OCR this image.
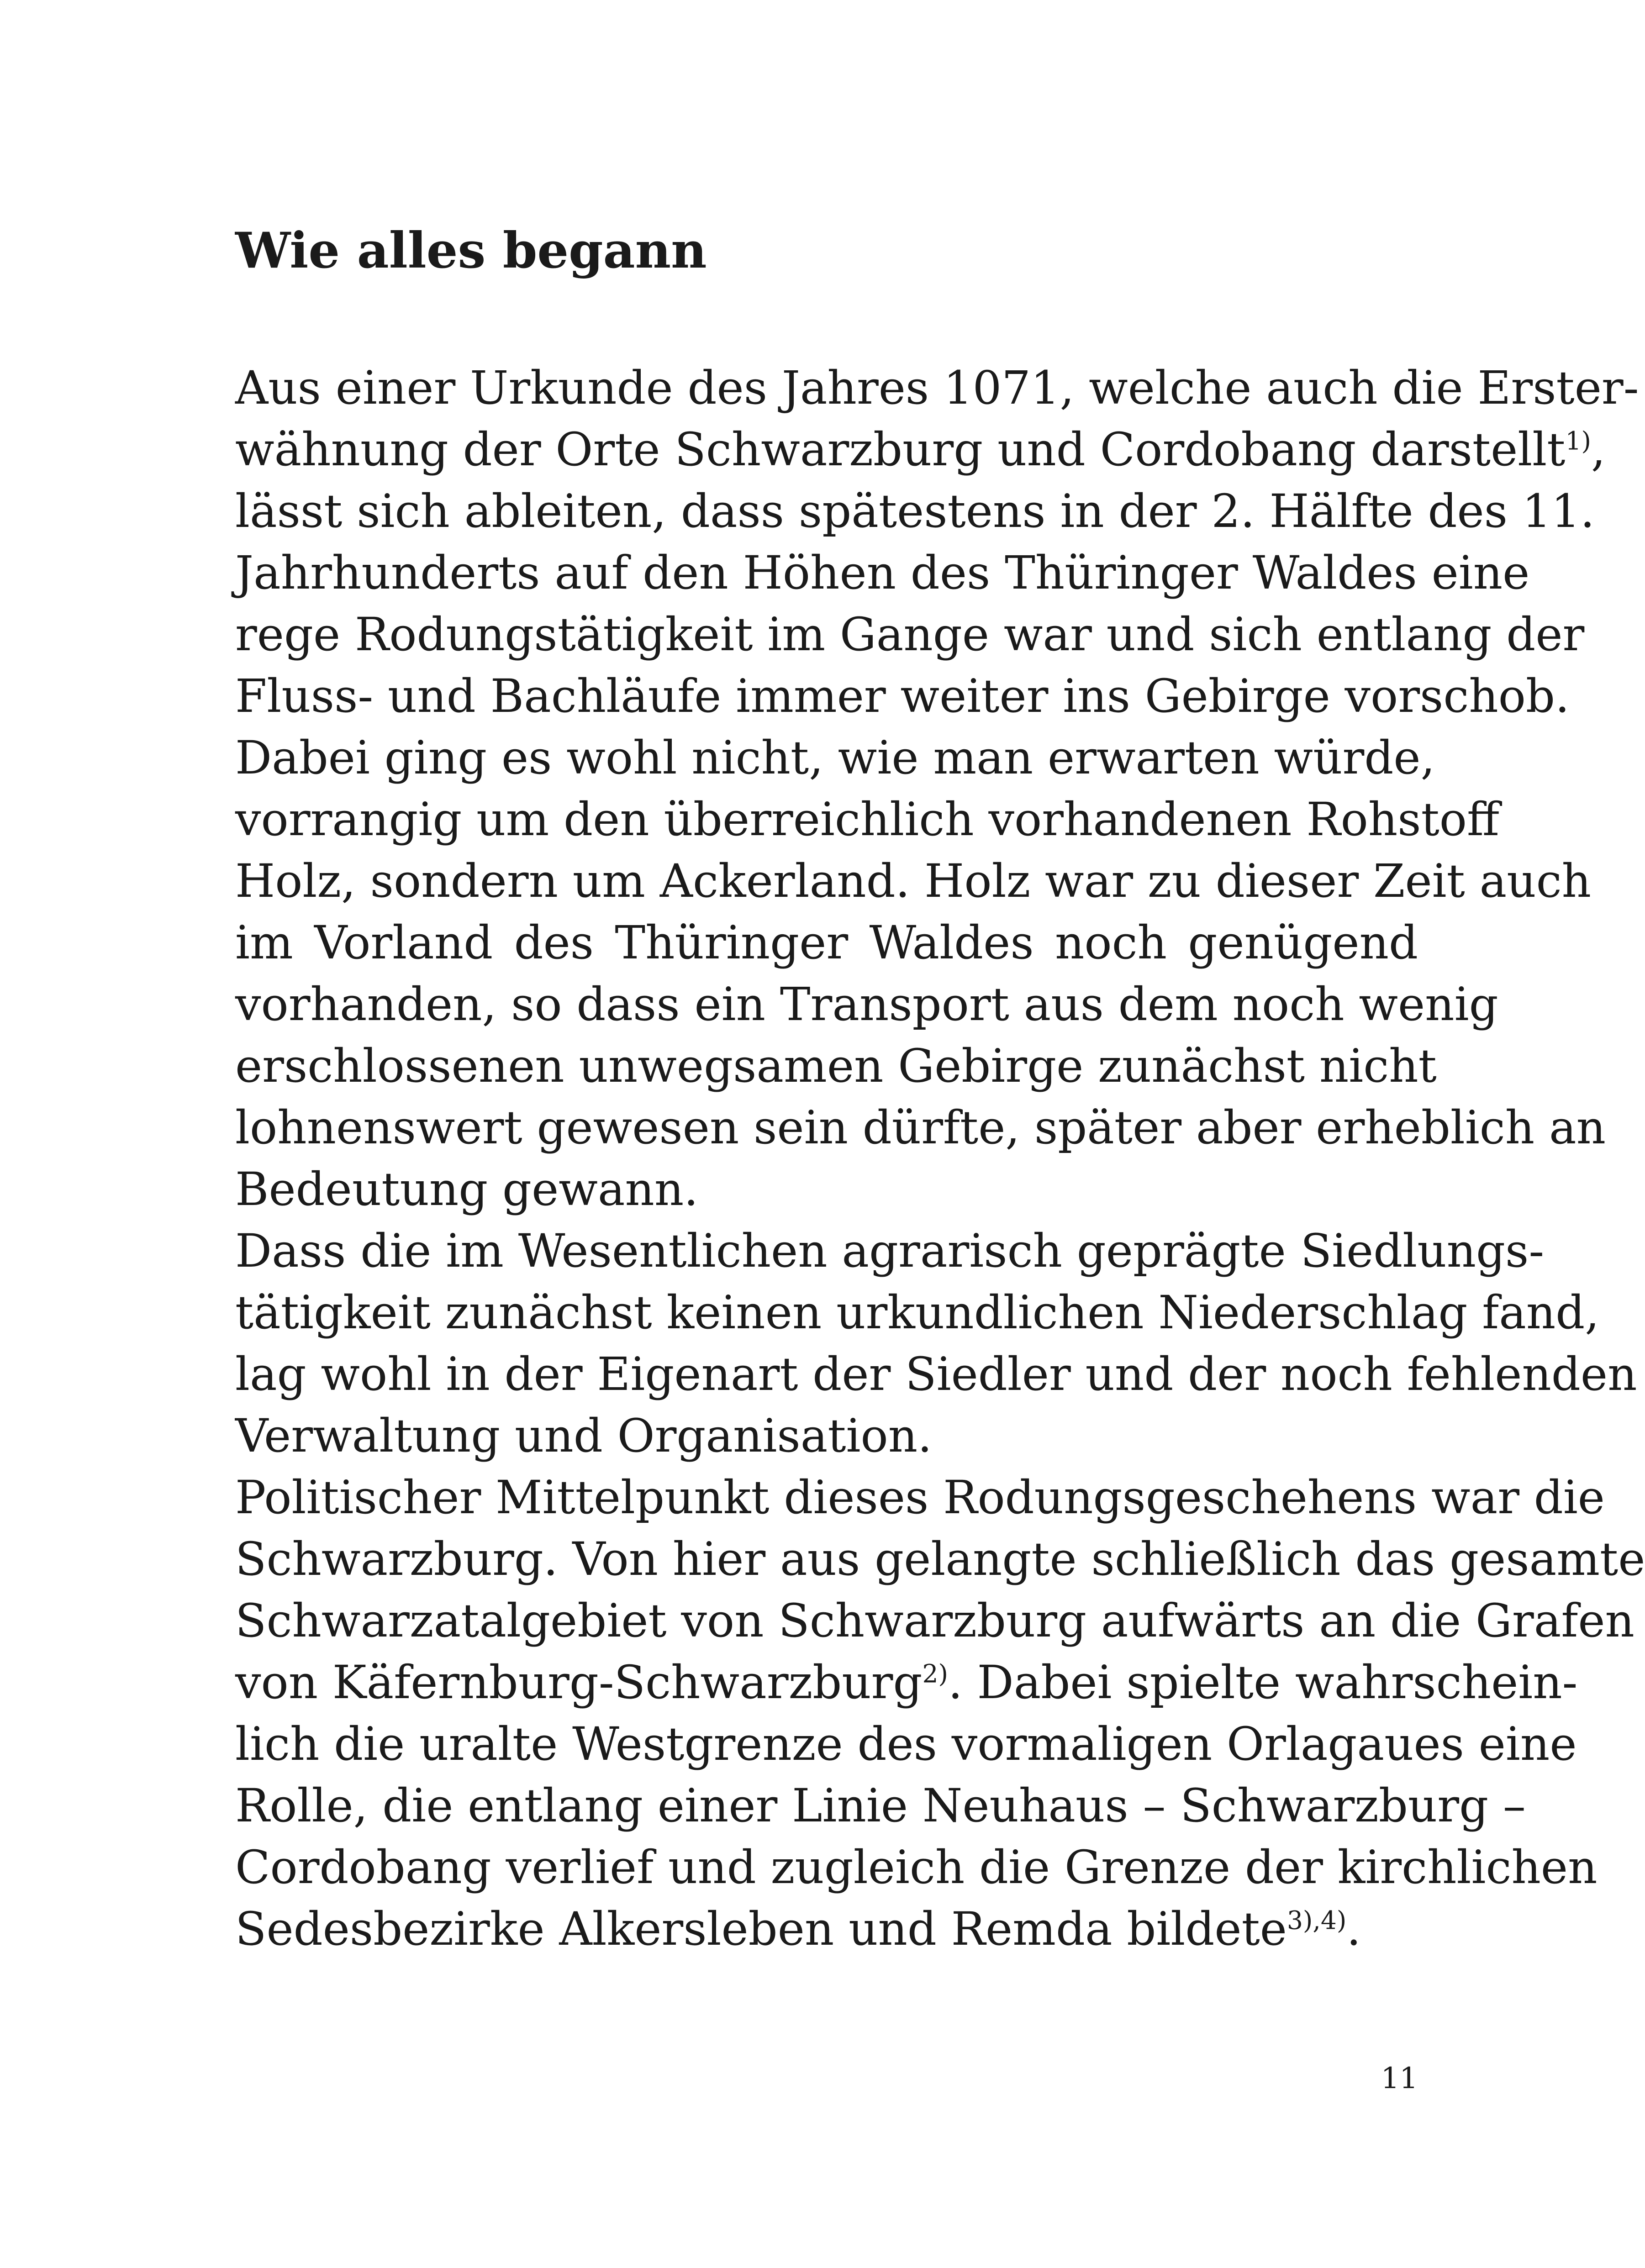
Wie alles begann
Aus einer Urkunde des Jahres 1071, welche auch die Erster-
wähnung der Orte Schwarzburg und Cordobang darstellt$^{1)}$,
lässt sich ableiten, dass spätestens in der 2. Hälfte des 11.
Jahrhunderts auf den Höhen des Thüringer Waldes eine
rege Rodungstätigkeit im Gange war und sich entlang der
Fluss- und Bachläufe immer weiter ins Gebirge vorschob.
Dabei ging es wohl nicht, wie man erwarten würde,
vorrangig um den überreichlich vorhandenen Rohstoff
Holz, sondern um Ackerland. Holz war zu dieser Zeit auch
im Vorland des Thüringer Waldes noch genügend
vorhanden, so dass ein Transport aus dem noch wenig
erschlossenen unwegsamen Gebirge zunächst nicht
lohnenswert gewesen sein dürfte, später aber erheblich an
Bedeutung gewann.
Dass die im Wesentlichen agrarisch geprägte Siedlungs-
tätigkeit zunächst keinen urkundlichen Niederschlag fand,
lag wohl in der Eigenart der Siedler und der noch fehlenden
Verwaltung und Organisation.
Politischer Mittelpunkt dieses Rodungsgeschehens war die
Schwarzburg. Von hier aus gelangte schließlich das gesamte
Schwarzatalgebiet von Schwarzburg aufwärts an die Grafen
von Käfernburg-Schwarzburg$^{2)}$. Dabei spielte wahrschein-
lich die uralte Westgrenze des vormaligen Orlagaues eine
Rolle, die entlang einer Linie Neuhaus – Schwarzburg –
Cordobang verlief und zugleich die Grenze der kirchlichen
Sedesbezirke Alkersleben und Remda bildete$^{3),4)}$.
11
